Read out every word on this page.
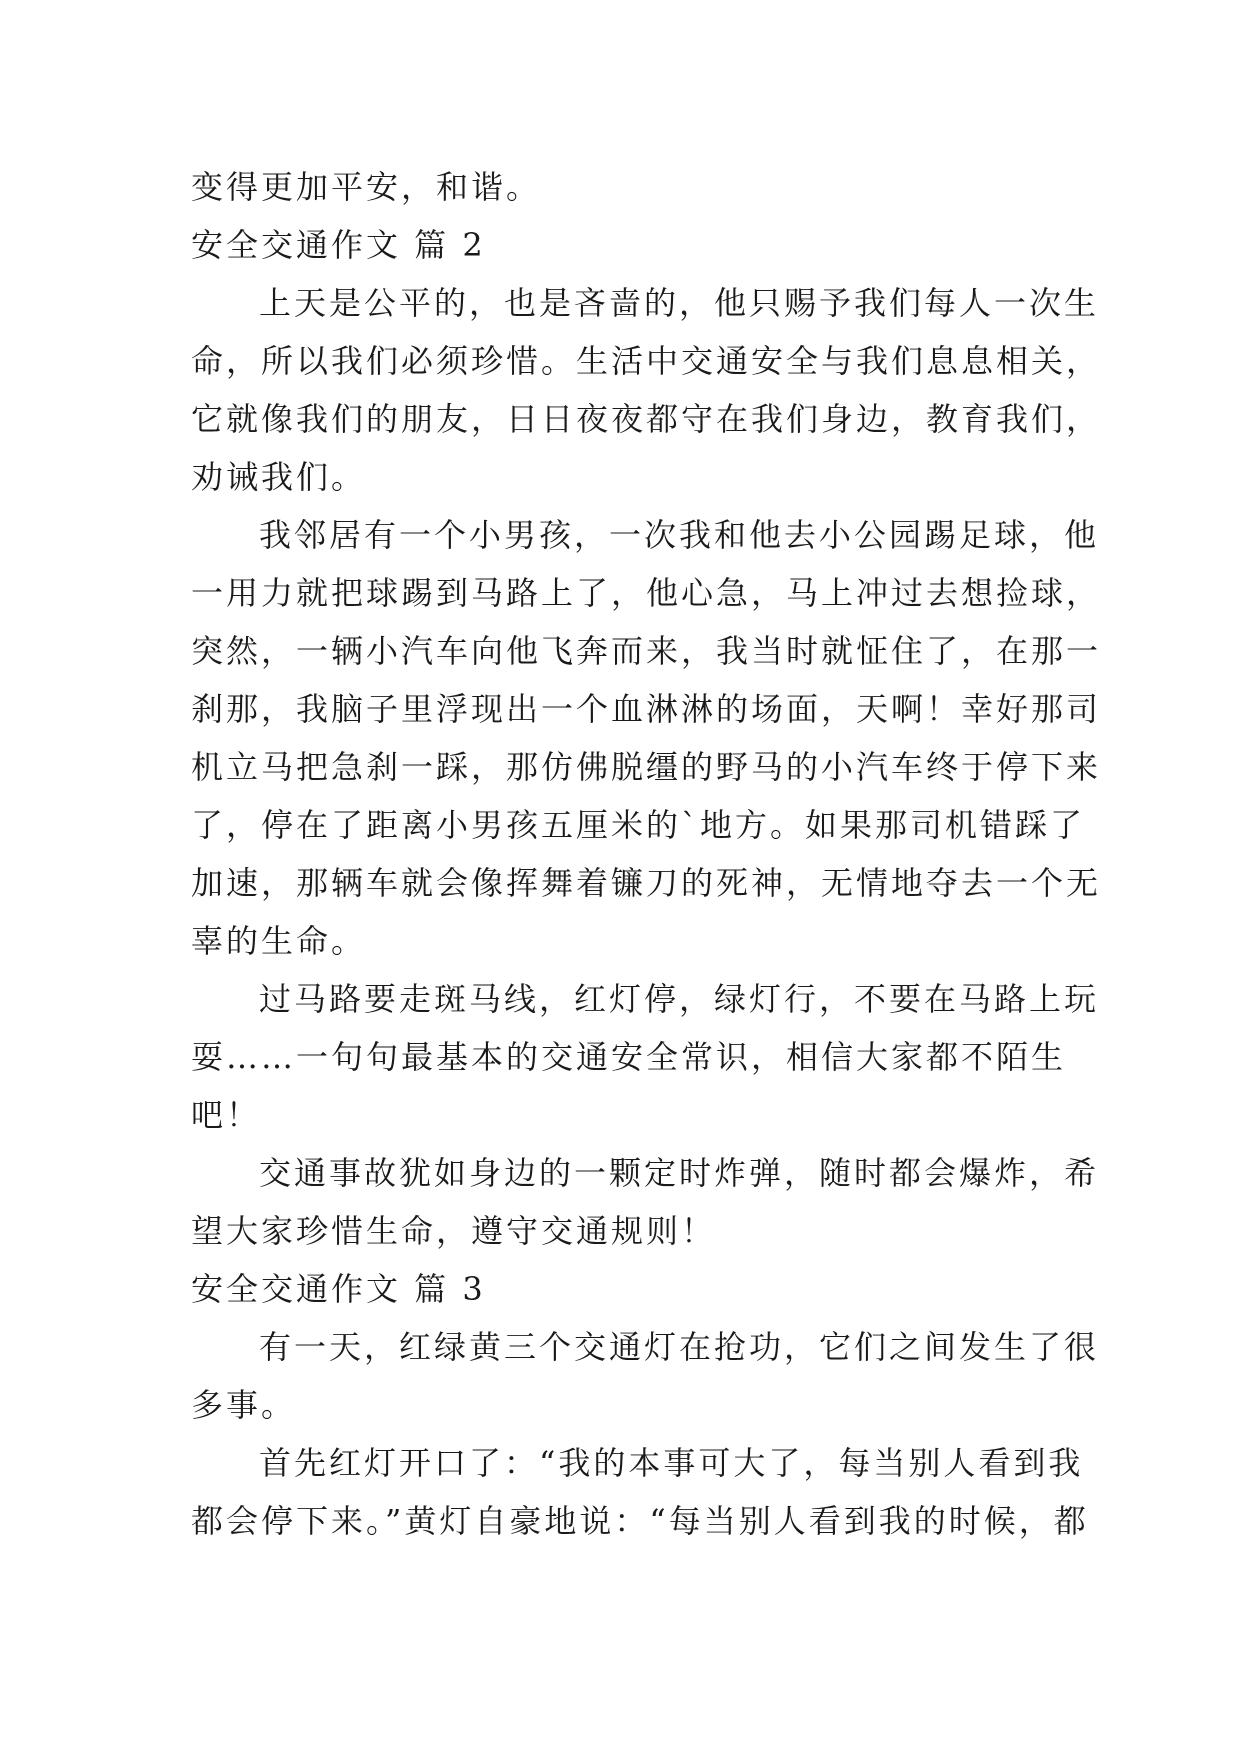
变得更加平安，和谐。
安全交通作文 篇 2
上天是公平的，也是吝啬的，他只赐予我们每人一次生
命，所以我们必须珍惜。生活中交通安全与我们息息相关，
它就像我们的朋友，日日夜夜都守在我们身边，教育我们，
劝诫我们。
我邻居有一个小男孩，一次我和他去小公园踢足球，他
一用力就把球踢到马路上了，他心急，马上冲过去想捡球，
突然，一辆小汽车向他飞奔而来，我当时就怔住了，在那一
刹那，我脑子里浮现出一个血淋淋的场面，天啊！幸好那司
机立马把急刹一踩，那仿佛脱缰的野马的小汽车终于停下来
了，停在了距离小男孩五厘米的`地方。如果那司机错踩了
加速，那辆车就会像挥舞着镰刀的死神，无情地夺去一个无
辜的生命。
过马路要走斑马线，红灯停，绿灯行，不要在马路上玩
耍……一句句最基本的交通安全常识，相信大家都不陌生
吧！
交通事故犹如身边的一颗定时炸弹，随时都会爆炸，希
望大家珍惜生命，遵守交通规则！
安全交通作文 篇 3
有一天，红绿黄三个交通灯在抢功，它们之间发生了很
多事。
首先红灯开口了：“我的本事可大了，每当别人看到我
都会停下来。”黄灯自豪地说：“每当别人看到我的时候，都
